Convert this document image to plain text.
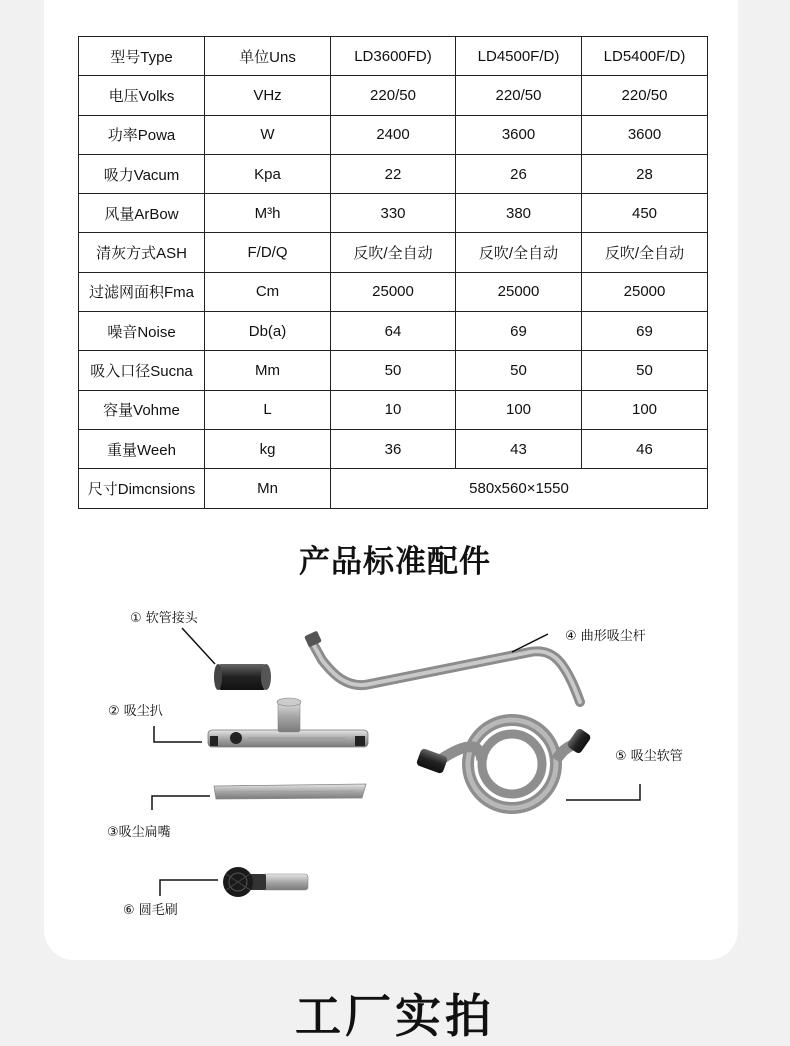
型号Type	单位Uns	LD3600FD)	LD4500F/D)	LD5400F/D)
电压Volks	VHz	220/50	220/50	220/50
功率Powa	W	2400	3600	3600
吸力Vacum	Kpa	22	26	28
风量ArBow	M³h	330	380	450
清灰方式ASH	F/D/Q	反吹/全自动	反吹/全自动	反吹/全自动
过滤网面积Fma	Cm	25000	25000	25000
噪音Noise	Db(a)	64	69	69
吸入口径Sucna	Mm	50	50	50
容量Vohme	L	10	100	100
重量Weeh	kg	36	43	46
尺寸Dimcnsions	Mn	580x560×1550		
产品标准配件
① 软管接头
② 吸尘扒
③吸尘扁嘴
④ 曲形吸尘杆
⑤ 吸尘软管
⑥ 圆毛刷
工厂实拍
